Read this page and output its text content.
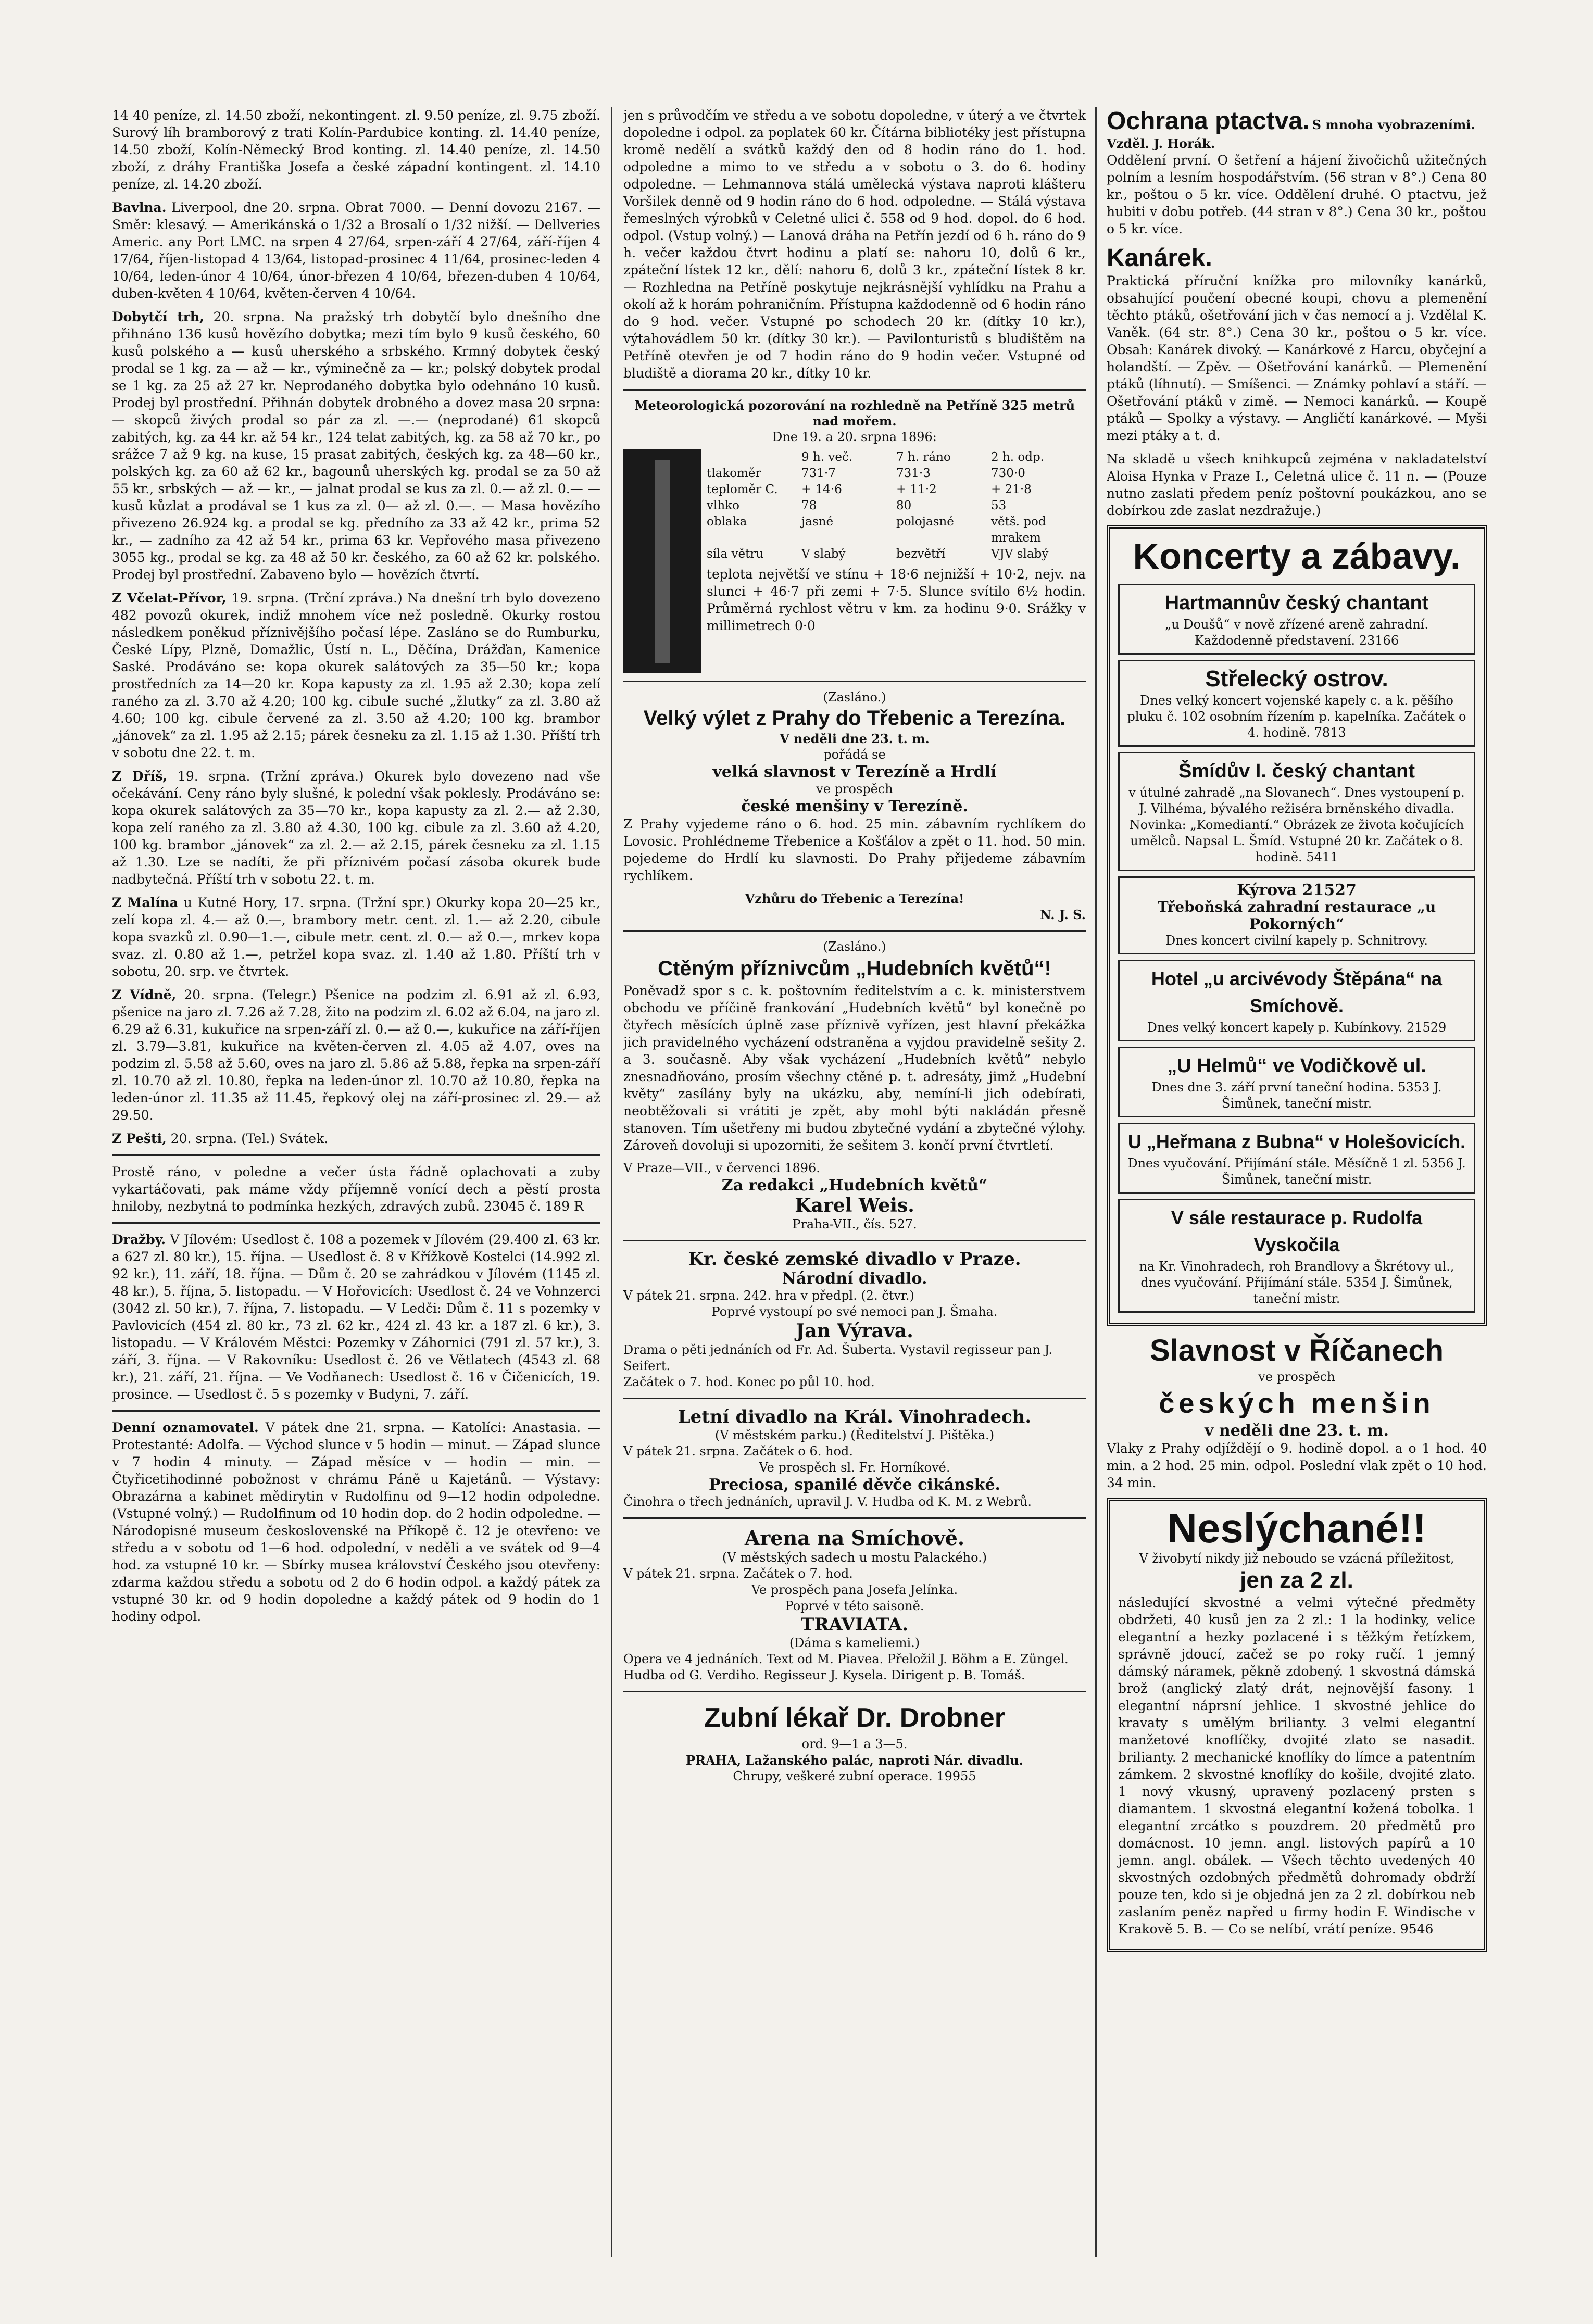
14 40 peníze, zl. 14.50 zboží, nekontingent. zl. 9.50 peníze, zl. 9.75 zboží. Surový líh bramborový z trati Kolín-Pardubice konting. zl. 14.40 peníze, 14.50 zboží, Kolín-Německý Brod konting. zl. 14.40 peníze, zl. 14.50 zboží, z dráhy Františka Josefa a české západní kontingent. zl. 14.10 peníze, zl. 14.20 zboží.

Bavlna. Liverpool, dne 20. srpna. Obrat 7000. — Denní dovozu 2167. — Směr: klesavý. — Amerikánská o 1/32 a Brosalí o 1/32 nižší. — Dellveries Americ. any Port LMC. na srpen 4 27/64, srpen-září 4 27/64, září-říjen 4 17/64, říjen-listopad 4 13/64, listopad-prosinec 4 11/64, prosinec-leden 4 10/64, leden-únor 4 10/64, únor-březen 4 10/64, březen-duben 4 10/64, duben-květen 4 10/64, květen-červen 4 10/64.

Dobytčí trh, 20. srpna. Na pražský trh dobytčí bylo dnešního dne přihnáno 136 kusů hovězího dobytka; mezi tím bylo 9 kusů českého, 60 kusů polského a — kusů uherského a srbského. Krmný dobytek český prodal se 1 kg. za — až — kr., výminečně za — kr.; polský dobytek prodal se 1 kg. za 25 až 27 kr. Neprodaného dobytka bylo odehnáno 10 kusů. Prodej byl prostřední. Přihnán dobytek drobného a dovez masa 20 srpna: — skopců živých prodal so pár za zl. —.— (neprodané) 61 skopců zabitých, kg. za 44 kr. až 54 kr., 124 telat zabitých, kg. za 58 až 70 kr., po srážce 7 až 9 kg. na kuse, 15 prasat zabitých, českých kg. za 48—60 kr., polských kg. za 60 až 62 kr., bagounů uherských kg. prodal se za 50 až 55 kr., srbských — až — kr., — jalnat prodal se kus za zl. 0.— až zl. 0.— — kusů kůzlat a prodával se 1 kus za zl. 0— až zl. 0.—. — Masa hovězího přivezeno 26.924 kg. a prodal se kg. předního za 33 až 42 kr., prima 52 kr., — zadního za 42 až 54 kr., prima 63 kr. Vepřového masa přivezeno 3055 kg., prodal se kg. za 48 až 50 kr. českého, za 60 až 62 kr. polského. Prodej byl prostřední. Zabaveno bylo — hovězích čtvrtí.

Z Včelat-Přívor, 19. srpna. (Trční zpráva.) Na dnešní trh bylo dovezeno 482 povozů okurek, indiž mnohem více než posledně. Okurky rostou následkem poněkud příznivějšího počasí lépe. Zasláno se do Rumburku, České Lípy, Plzně, Domažlic, Ústí n. L., Děčína, Drážďan, Kamenice Saské. Prodáváno se: kopa okurek salátových za 35—50 kr.; kopa prostředních za 14—20 kr. Kopa kapusty za zl. 1.95 až 2.30; kopa zelí raného za zl. 3.70 až 4.20; 100 kg. cibule suché „žlutky“ za zl. 3.80 až 4.60; 100 kg. cibule červené za zl. 3.50 až 4.20; 100 kg. brambor „jánovek“ za zl. 1.95 až 2.15; párek česneku za zl. 1.15 až 1.30. Příští trh v sobotu dne 22. t. m.

Z Dříš, 19. srpna. (Tržní zpráva.) Okurek bylo dovezeno nad vše očekávání. Ceny ráno byly slušné, k polední však poklesly. Prodáváno se: kopa okurek salátových za 35—70 kr., kopa kapusty za zl. 2.— až 2.30, kopa zelí raného za zl. 3.80 až 4.30, 100 kg. cibule za zl. 3.60 až 4.20, 100 kg. brambor „jánovek“ za zl. 2.— až 2.15, párek česneku za zl. 1.15 až 1.30. Lze se nadíti, že při příznivém počasí zásoba okurek bude nadbytečná. Příští trh v sobotu 22. t. m.

Z Malína u Kutné Hory, 17. srpna. (Tržní spr.) Okurky kopa 20—25 kr., zelí kopa zl. 4.— až 0.—, brambory metr. cent. zl. 1.— až 2.20, cibule kopa svazků zl. 0.90—1.—, cibule metr. cent. zl. 0.— až 0.—, mrkev kopa svaz. zl. 0.80 až 1.—, petržel kopa svaz. zl. 1.40 až 1.80. Příští trh v sobotu, 20. srp. ve čtvrtek.

Z Vídně, 20. srpna. (Telegr.) Pšenice na podzim zl. 6.91 až zl. 6.93, pšenice na jaro zl. 7.26 až 7.28, žito na podzim zl. 6.02 až 6.04, na jaro zl. 6.29 až 6.31, kukuřice na srpen-září zl. 0.— až 0.—, kukuřice na září-říjen zl. 3.79—3.81, kukuřice na květen-červen zl. 4.05 až 4.07, oves na podzim zl. 5.58 až 5.60, oves na jaro zl. 5.86 až 5.88, řepka na srpen-září zl. 10.70 až zl. 10.80, řepka na leden-únor zl. 10.70 až 10.80, řepka na leden-únor zl. 11.35 až 11.45, řepkový olej na září-prosinec zl. 29.— až 29.50.

Z Pešti, 20. srpna. (Tel.) Svátek.

Prostě ráno, v poledne a večer ústa řádně oplachovati a zuby vykartáčovati, pak máme vždy příjemně vonící dech a pěstí prosta hniloby, nezbytná to podmínka hezkých, zdravých zubů. 23045 č. 189 R

Dražby. V Jílovém: Usedlost č. 108 a pozemek v Jílovém (29.400 zl. 63 kr. a 627 zl. 80 kr.), 15. října. — Usedlost č. 8 v Křížkově Kostelci (14.992 zl. 92 kr.), 11. září, 18. října. — Dům č. 20 se zahrádkou v Jílovém (1145 zl. 48 kr.), 5. října, 5. listopadu. — V Hořovicích: Usedlost č. 24 ve Vohnzerci (3042 zl. 50 kr.), 7. října, 7. listopadu. — V Ledči: Dům č. 11 s pozemky v Pavlovicích (454 zl. 80 kr., 73 zl. 62 kr., 424 zl. 43 kr. a 187 zl. 6 kr.), 3. listopadu. — V Královém Městci: Pozemky v Záhornici (791 zl. 57 kr.), 3. září, 3. října. — V Rakovníku: Usedlost č. 26 ve Větlatech (4543 zl. 68 kr.), 21. září, 21. října. — Ve Vodňanech: Usedlost č. 16 v Čičenicích, 19. prosince. — Usedlost č. 5 s pozemky v Budyni, 7. září.

Denní oznamovatel. V pátek dne 21. srpna. — Katolíci: Anastasia. — Protestanté: Adolfa. — Východ slunce v 5 hodin — minut. — Západ slunce v 7 hodin 4 minuty. — Západ měsíce v — hodin — min. — Čtyřicetihodinné pobožnost v chrámu Páně u Kajetánů. — Výstavy: Obrazárna a kabinet mědirytin v Rudolfinu od 9—12 hodin odpoledne. (Vstupné volný.) — Rudolfinum od 10 hodin dop. do 2 hodin odpoledne. — Národopisné museum československé na Příkopě č. 12 je otevřeno: ve středu a v sobotu od 1—6 hod. odpolední, v neděli a ve svátek od 9—4 hod. za vstupné 10 kr. — Sbírky musea království Českého jsou otevřeny: zdarma každou středu a sobotu od 2 do 6 hodin odpol. a každý pátek za vstupné 30 kr. od 9 hodin dopoledne a každý pátek od 9 hodin do 1 hodiny odpol.

jen s průvodčím ve středu a ve sobotu dopoledne, v úterý a ve čtvrtek dopoledne i odpol. za poplatek 60 kr. Čítárna bibliotéky jest přístupna kromě nedělí a svátků každý den od 8 hodin ráno do 1. hod. odpoledne a mimo to ve středu a v sobotu o 3. do 6. hodiny odpoledne. — Lehmannova stálá umělecká výstava naproti klášteru Voršilek denně od 9 hodin ráno do 6 hod. odpoledne. — Stálá výstava řemeslných výrobků v Celetné ulici č. 558 od 9 hod. dopol. do 6 hod. odpol. (Vstup volný.) — Lanová dráha na Petřín jezdí od 6 h. ráno do 9 h. večer každou čtvrt hodinu a platí se: nahoru 10, dolů 6 kr., zpáteční lístek 12 kr., dělí: nahoru 6, dolů 3 kr., zpáteční lístek 8 kr. — Rozhledna na Petříně poskytuje nejkrásnější vyhlídku na Prahu a okolí až k horám pohraničním. Přístupna každodenně od 6 hodin ráno do 9 hod. večer. Vstupné po schodech 20 kr. (dítky 10 kr.), výtahovádlem 50 kr. (dítky 30 kr.). — Pavilonturistů s bludištěm na Petříně otevřen je od 7 hodin ráno do 9 hodin večer. Vstupné od bludiště a diorama 20 kr., dítky 10 kr.

Meteorologická pozorování na rozhledně na Petříně 325 metrů nad mořem.
Dne 19. a 20. srpna 1896:
9 h. več.	7 h. ráno	2 h. odp.
tlakoměr	731·7	731·3	730·0
teploměr C.	+ 14·6	+ 11·2	+ 21·8
vlhko	78	80	53
oblaka	jasné	polojasné	větš. pod mrakem
síla větru	V slabý	bezvětří	VJV slabý

teplota největší ve stínu + 18·6 nejnižší + 10·2, nejv. na slunci + 46·7 při zemi + 7·5. Slunce svítilo 6½ hodin. Průměrná rychlost větru v km. za hodinu 9·0. Srážky v millimetrech 0·0

(Zasláno.)
Velký výlet z Prahy do Třebenic a Terezína.
V neděli dne 23. t. m.
pořádá se
velká slavnost v Terezíně a Hrdlí
ve prospěch
české menšiny v Terezíně.

Z Prahy vyjedeme ráno o 6. hod. 25 min. zábavním rychlíkem do Lovosic. Prohlédneme Třebenice a Košťálov a zpět o 11. hod. 50 min. pojedeme do Hrdlí ku slavnosti. Do Prahy přijedeme zábavním rychlíkem.

Vzhůru do Třebenic a Terezína!
N. J. S.
(Zasláno.)
Ctěným příznivcům „Hudebních květů“!

Poněvadž spor s c. k. poštovním ředitelstvím a c. k. ministerstvem obchodu ve příčině frankování „Hudebních květů“ byl konečně po čtyřech měsících úplně zase příznivě vyřízen, jest hlavní překážka jich pravidelného vycházení odstraněna a vyjdou pravidelně sešity 2. a 3. současně. Aby však vycházení „Hudebních květů“ nebylo znesnadňováno, prosím všechny ctěné p. t. adresáty, jimž „Hudební květy“ zasílány byly na ukázku, aby, nemíní-li jich odebírati, neobtěžovali si vrátiti je zpět, aby mohl býti nakládán přesně stanoven. Tím ušetřeny mi budou zbytečné vydání a zbytečné výlohy. Zároveň dovoluji si upozorniti, že sešitem 3. končí první čtvrtletí.

V Praze—VII., v červenci 1896.
Za redakci „Hudebních květů“
Karel Weis.
Praha-VII., čís. 527.
Kr. české zemské divadlo v Praze.
Národní divadlo.
V pátek 21. srpna. 242. hra v předpl. (2. čtvr.)
Poprvé vystoupí po své nemoci pan J. Šmaha.
Jan Výrava.
Drama o pěti jednáních od Fr. Ad. Šuberta. Vystavil regisseur pan J. Seifert.
Začátek o 7. hod. Konec po půl 10. hod.
Letní divadlo na Král. Vinohradech.
(V městském parku.) (Ředitelství J. Pištěka.)
V pátek 21. srpna. Začátek o 6. hod.
Ve prospěch sl. Fr. Horníkové.
Preciosa, spanilé děvče cikánské.
Činohra o třech jednáních, upravil J. V. Hudba od K. M. z Webrů.
Arena na Smíchově.
(V městských sadech u mostu Palackého.)
V pátek 21. srpna. Začátek o 7. hod.
Ve prospěch pana Josefa Jelínka.
Poprvé v této saisoně.
TRAVIATA.
(Dáma s kameliemi.)
Opera ve 4 jednáních. Text od M. Piavea. Přeložil J. Böhm a E. Züngel. Hudba od G. Verdiho. Regisseur J. Kysela. Dirigent p. B. Tomáš.
Zubní lékař Dr. Drobner
ord. 9—1 a 3—5.
PRAHA, Lažanského palác, naproti Nár. divadlu.
Chrupy, veškeré zubní operace. 19955
Ochrana ptactva. S mnoha vyobrazeními. Vzděl. J. Horák.

Oddělení první. O šetření a hájení živočichů užitečných polním a lesním hospodářstvím. (56 stran v 8°.) Cena 80 kr., poštou o 5 kr. více. Oddělení druhé. O ptactvu, jež hubiti v dobu potřeb. (44 stran v 8°.) Cena 30 kr., poštou o 5 kr. více.

Kanárek.

Praktická příruční knížka pro milovníky kanárků, obsahující poučení obecné koupi, chovu a plemenění těchto ptáků, ošetřování jich v čas nemocí a j. Vzdělal K. Vaněk. (64 str. 8°.) Cena 30 kr., poštou o 5 kr. více. Obsah: Kanárek divoký. — Kanárkové z Harcu, obyčejní a holandští. — Zpěv. — Ošetřování kanárků. — Plemenění ptáků (líhnutí). — Smíšenci. — Známky pohlaví a stáří. — Ošetřování ptáků v zimě. — Nemoci kanárků. — Koupě ptáků — Spolky a výstavy. — Angličtí kanárkové. — Myši mezi ptáky a t. d.

Na skladě u všech knihkupců zejména v nakladatelství Aloisa Hynka v Praze I., Celetná ulice č. 11 n. — (Pouze nutno zaslati předem peníz poštovní poukázkou, ano se dobírkou zde zaslat nezdražuje.)

Koncerty a zábavy.
Hartmannův český chantant
„u Doušů“ v nově zřízené areně zahradní. Každodenně představení. 23166
Střelecký ostrov.
Dnes velký koncert vojenské kapely c. a k. pěšího pluku č. 102 osobním řízením p. kapelníka. Začátek o 4. hodině. 7813
Šmídův I. český chantant
v útulné zahradě „na Slovanech“. Dnes vystoupení p. J. Vilhéma, bývalého režiséra brněnského divadla. Novinka: „Komediantí.“ Obrázek ze života kočujících umělců. Napsal L. Šmíd. Vstupné 20 kr. Začátek o 8. hodině. 5411
Kýrova 21527
Třeboňská zahradní restaurace „u Pokorných“
Dnes koncert civilní kapely p. Schnitrovy.
Hotel „u arcivévody Štěpána“ na Smíchově.
Dnes velký koncert kapely p. Kubínkovy. 21529
„U Helmů“ ve Vodičkově ul.
Dnes dne 3. září první taneční hodina. 5353 J. Šimůnek, taneční mistr.
U „Heřmana z Bubna“ v Holešovicích.
Dnes vyučování. Přijímání stále. Měsíčně 1 zl. 5356 J. Šimůnek, taneční mistr.
V sále restaurace p. Rudolfa Vyskočila
na Kr. Vinohradech, roh Brandlovy a Škrétovy ul., dnes vyučování. Přijímání stále. 5354 J. Šimůnek, taneční mistr.
Slavnost v Říčanech
ve prospěch
českých menšin
v neděli dne 23. t. m.

Vlaky z Prahy odjíždějí o 9. hodině dopol. a o 1 hod. 40 min. a 2 hod. 25 min. odpol. Poslední vlak zpět o 10 hod. 34 min.

Neslýchané!!
V živobytí nikdy již neboudo se vzácná příležitost,
jen za 2 zl.

následující skvostné a velmi výtečné předměty obdržeti, 40 kusů jen za 2 zl.: 1 la hodinky, velice elegantní a hezky pozlacené i s těžkým řetízkem, správně jdoucí, začež se po roky ručí. 1 jemný dámský náramek, pěkně zdobený. 1 skvostná dámská brož (anglický zlatý drát, nejnovější fasony. 1 elegantní náprsní jehlice. 1 skvostné jehlice do kravaty s umělým brilianty. 3 velmi elegantní manžetové knoflíčky, dvojité zlato se nasadit. brilianty. 2 mechanické knoflíky do límce a patentním zámkem. 2 skvostné knoflíky do košile, dvojité zlato. 1 nový vkusný, upravený pozlacený prsten s diamantem. 1 skvostná elegantní kožená tobolka. 1 elegantní zrcátko s pouzdrem. 20 předmětů pro domácnost. 10 jemn. angl. listových papírů a 10 jemn. angl. obálek. — Všech těchto uvedených 40 skvostných ozdobných předmětů dohromady obdrží pouze ten, kdo si je objedná jen za 2 zl. dobírkou neb zaslaním peněz napřed u firmy hodin F. Windische v Krakově 5. B. — Co se nelíbí, vrátí peníze. 9546
